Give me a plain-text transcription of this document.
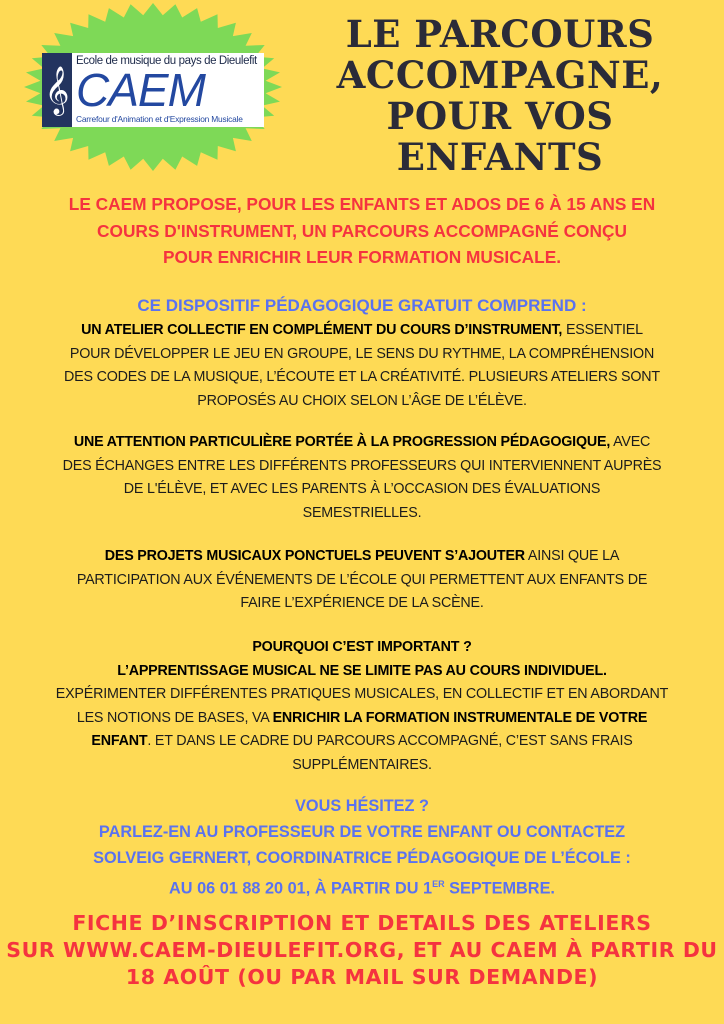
𝄞
Ecole de musique du pays de Dieulefit
CAEM
Carrefour d'Animation et d'Expression Musicale
LE PARCOURS
ACCOMPAGNE,
POUR VOS
ENFANTS
LE CAEM PROPOSE, POUR LES ENFANTS ET ADOS DE 6 À 15 ANS EN
COURS D'INSTRUMENT, UN PARCOURS ACCOMPAGNÉ CONÇU
POUR ENRICHIR LEUR FORMATION MUSICALE.
CE DISPOSITIF PÉDAGOGIQUE GRATUIT COMPREND :
UN ATELIER COLLECTIF EN COMPLÉMENT DU COURS D’INSTRUMENT, ESSENTIEL
POUR DÉVELOPPER LE JEU EN GROUPE, LE SENS DU RYTHME, LA COMPRÉHENSION
DES CODES DE LA MUSIQUE, L’ÉCOUTE ET LA CRÉATIVITÉ. PLUSIEURS ATELIERS SONT
PROPOSÉS AU CHOIX SELON L’ÂGE DE L’ÉLÈVE.
UNE ATTENTION PARTICULIÈRE PORTÉE À LA PROGRESSION PÉDAGOGIQUE, AVEC
DES ÉCHANGES ENTRE LES DIFFÉRENTS PROFESSEURS QUI INTERVIENNENT AUPRÈS
DE L'ÉLÈVE, ET AVEC LES PARENTS À L’OCCASION DES ÉVALUATIONS
SEMESTRIELLES.
DES PROJETS MUSICAUX PONCTUELS PEUVENT S’AJOUTER AINSI QUE LA
PARTICIPATION AUX ÉVÉNEMENTS DE L’ÉCOLE QUI PERMETTENT AUX ENFANTS DE
FAIRE L’EXPÉRIENCE DE LA SCÈNE.
POURQUOI C’EST IMPORTANT ?
L’APPRENTISSAGE MUSICAL NE SE LIMITE PAS AU COURS INDIVIDUEL.
EXPÉRIMENTER DIFFÉRENTES PRATIQUES MUSICALES, EN COLLECTIF ET EN ABORDANT
LES NOTIONS DE BASES, VA ENRICHIR LA FORMATION INSTRUMENTALE DE VOTRE
ENFANT. ET DANS LE CADRE DU PARCOURS ACCOMPAGNÉ, C’EST SANS FRAIS
SUPPLÉMENTAIRES.
VOUS HÉSITEZ ?
PARLEZ-EN AU PROFESSEUR DE VOTRE ENFANT OU CONTACTEZ
SOLVEIG GERNERT, COORDINATRICE PÉDAGOGIQUE DE L’ÉCOLE :
AU 06 01 88 20 01, À PARTIR DU 1ER SEPTEMBRE.
FICHE D’INSCRIPTION ET DETAILS DES ATELIERS
SUR WWW.CAEM-DIEULEFIT.ORG, ET AU CAEM À PARTIR DU
18 AOÛT (OU PAR MAIL SUR DEMANDE)
